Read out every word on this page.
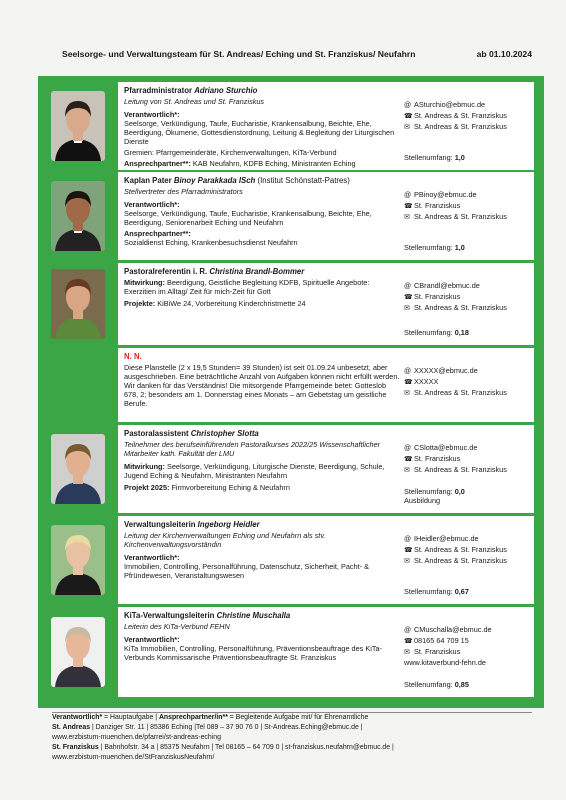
Seelsorge- und Verwaltungsteam für St. Andreas/ Eching und St. Franziskus/ Neufahrn	ab 01.10.2024
Pfarradministrator Adriano Sturchio
Leitung von St. Andreas und St. Franziskus
Verantwortlich*:
Seelsorge, Verkündigung, Taufe, Eucharistie, Krankensalbung, Beichte, Ehe, Beerdigung, Ökumene, Gottesdienstordnung, Leitung & Begleitung der Liturgischen Dienste
Gremien: Pfarrgemeinderäte, Kirchenverwaltungen, KiTa-Verbund
Ansprechpartner**: KAB Neufahrn, KDFB Eching, Ministranten Eching
@ ASturchio@ebmuc.de
☎St. Andreas & St. Franziskus
✉ St. Andreas & St. Franziskus
Stellenumfang: 1,0
Kaplan Pater Binoy Parakkada ISch (Institut Schönstatt-Patres)
Stellvertreter des Pfarradministrators
Verantwortlich*:
Seelsorge, Verkündigung, Taufe, Eucharistie, Krankensalbung, Beichte, Ehe, Beerdigung, Seniorenarbeit Eching und Neufahrn
Ansprechpartner**:
Sozialdienst Eching, Krankenbesuchsdienst Neufahrn
@ PBinoy@ebmuc.de
☎St. Franziskus
✉ St. Andreas & St. Franziskus
Stellenumfang: 1,0
Pastoralreferentin i. R. Christina Brandl-Bommer
Mitwirkung: Beerdigung, Geistliche Begleitung KDFB, Spirituelle Angebote: Exerzitien im Alltag/ Zeit für mich-Zeit für Gott
Projekte: KiBiWe 24, Vorbereitung Kinderchristmette 24
@ CBrandl@ebmuc.de
☎St. Franziskus
✉ St. Andreas & St. Franziskus
Stellenumfang: 0,18
N. N.
Diese Planstelle (2 x 19,5 Stunden= 39 Stunden) ist seit 01.09.24 unbesetzt, aber ausgeschrieben. Eine beträchtliche Anzahl von Aufgaben können nicht erfüllt werden. Wir danken für das Verständnis! Die mitsorgende Pfarrgemeinde betet: Gotteslob 678, 2; besonders am 1. Donnerstag eines Monats – am Gebetstag um geistliche Berufe.
@ XXXXX@ebmuc.de
☎XXXXX
✉ St. Andreas & St. Franziskus
Pastoralassistent Christopher Slotta
Teilnehmer des berufseinführenden Pastoralkurses 2022/25 Wissenschaftlicher Mitarbeiter kath. Fakultät der LMU
Mitwirkung: Seelsorge, Verkündigung, Liturgische Dienste, Beerdigung, Schule, Jugend Eching & Neufahrn, Ministranten Neufahrn
Projekt 2025: Firmvorbereitung Eching & Neufahrn
@ CSlotta@ebmuc.de
☎St. Franziskus
✉ St. Andreas & St. Franziskus
Stellenumfang: 0,0
Ausbildung
Verwaltungsleiterin Ingeborg Heidler
Leitung der Kirchenverwaltungen Eching und Neufahrn als stv. Kirchenverwaltungsvorständin
Verantwortlich*:
Immobilien, Controlling, Personalführung, Datenschutz, Sicherheit, Pacht- & Pfründewesen, Veranstaltungswesen
@ IHeidler@ebmuc.de
☎St. Andreas & St. Franziskus
✉ St. Andreas & St. Franziskus
Stellenumfang: 0,67
KiTa-Verwaltungsleiterin Christine Muschalla
Leiterin des KiTa-Verbund FEHN
Verantwortlich*:
KiTa Immobilien, Controlling, Personalführung, Präventionsbeauftrage des KiTa-Verbunds Kommissarische Präventionsbeauftragte St. Franziskus
@ CMuschalla@ebmuc.de
☎08165 64 709 15
✉ St. Franziskus
www.kitaverbund-fehn.de
Stellenumfang: 0,85
Verantwortlich* = Hauptaufgabe | Ansprechpartner/in** = Begleitende Aufgabe mit/ für Ehrenamtliche
St. Andreas | Danziger Str. 11 | 85386 Eching |Tel 089 – 37 90 76 0 | St-Andreas.Eching@ebmuc.de |
www.erzbistum-muenchen.de/pfarrei/st-andreas-eching
St. Franziskus | Bahnhofstr. 34 a | 85375 Neufahrn | Tel 08165 – 64 709 0 | st-franziskus.neufahrn@ebmuc.de |
www.erzbistum-muenchen.de/StFranziskusNeufahrn/
